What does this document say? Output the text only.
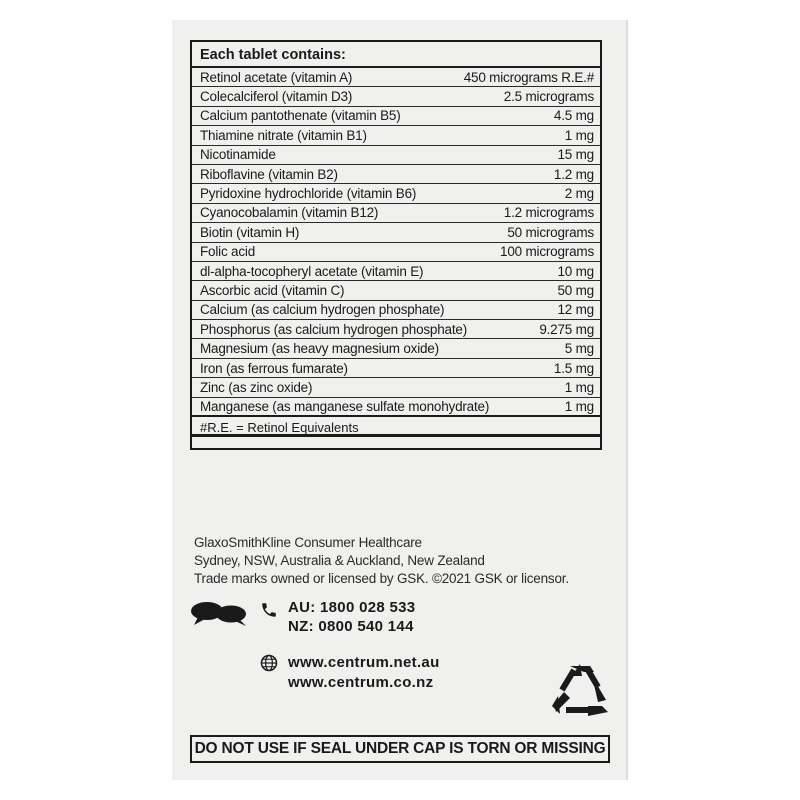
Each tablet contains:
Retinol acetate (vitamin A)	450 micrograms R.E.#
Colecalciferol (vitamin D3)	2.5 micrograms
Calcium pantothenate (vitamin B5)	4.5 mg
Thiamine nitrate (vitamin B1)	1 mg
Nicotinamide	15 mg
Riboflavine (vitamin B2)	1.2 mg
Pyridoxine hydrochloride (vitamin B6)	2 mg
Cyanocobalamin (vitamin B12)	1.2 micrograms
Biotin (vitamin H)	50 micrograms
Folic acid	100 micrograms
dl-alpha-tocopheryl acetate (vitamin E)	10 mg
Ascorbic acid (vitamin C)	50 mg
Calcium (as calcium hydrogen phosphate)	12 mg
Phosphorus (as calcium hydrogen phosphate)	9.275 mg
Magnesium (as heavy magnesium oxide)	5 mg
Iron (as ferrous fumarate)	1.5 mg
Zinc (as zinc oxide)	1 mg
Manganese (as manganese sulfate monohydrate)	1 mg
#R.E. = Retinol Equivalents
GlaxoSmithKline Consumer Healthcare
Sydney, NSW, Australia & Auckland, New Zealand
Trade marks owned or licensed by GSK. ©2021 GSK or licensor.
AU: 1800 028 533
NZ: 0800 540 144
www.centrum.net.au
www.centrum.co.nz
DO NOT USE IF SEAL UNDER CAP IS TORN OR MISSING
